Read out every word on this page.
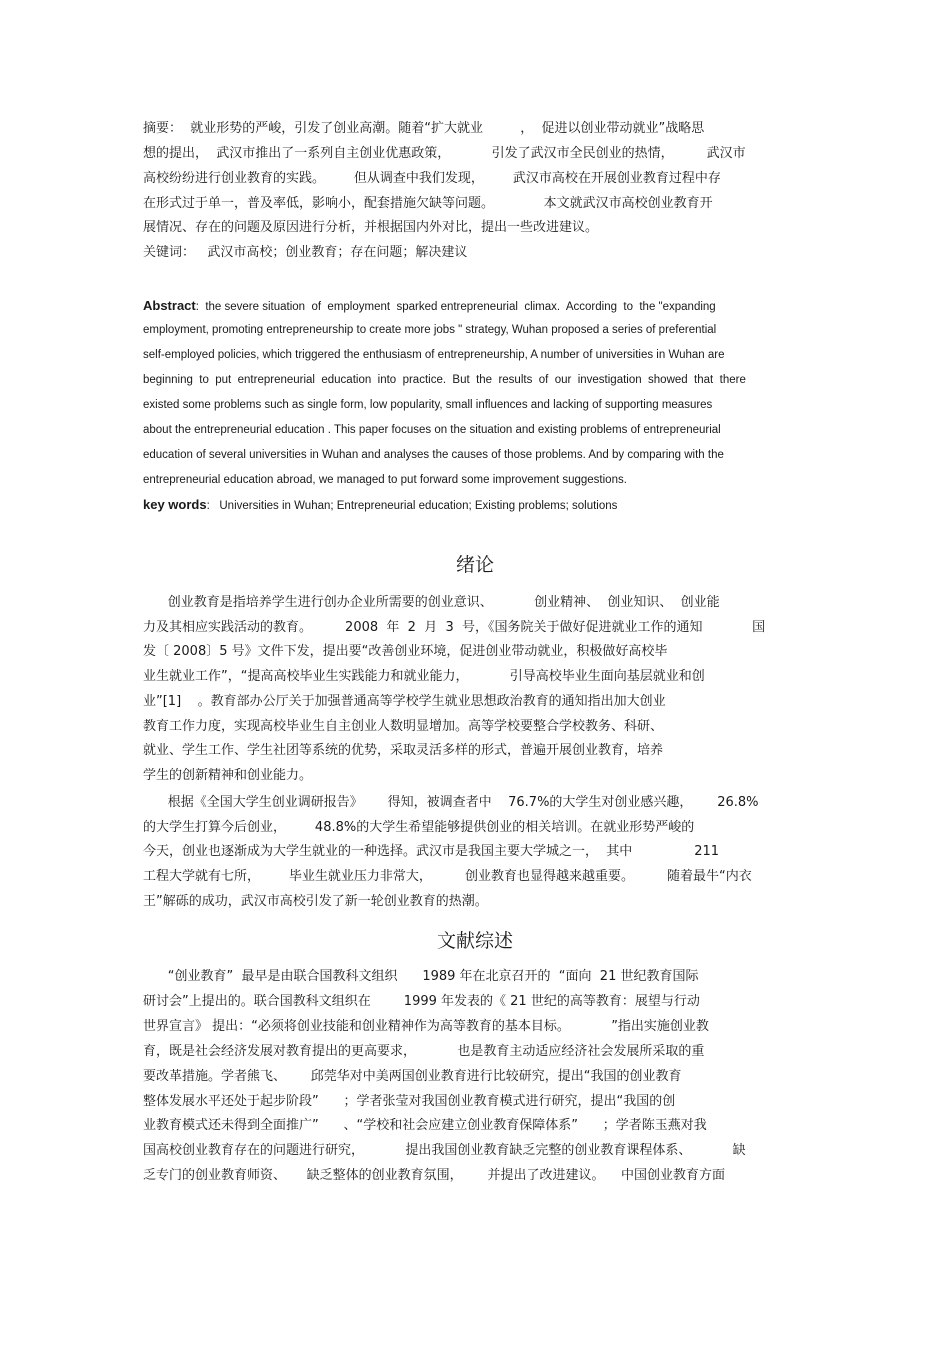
摘要：  就业形势的严峻，引发了创业高潮。随着“扩大就业         ，  促进以创业带动就业”战略思
想的提出，  武汉市推出了一系列自主创业优惠政策，          引发了武汉市全民创业的热情，        武汉市
高校纷纷进行创业教育的实践。       但从调查中我们发现，       武汉市高校在开展创业教育过程中存
在形式过于单一，普及率低，影响小，配套措施欠缺等问题。            本文就武汉市高校创业教育开
展情况、存在的问题及原因进行分析，并根据国内外对比，提出一些改进建议。
关键词：   武汉市高校；创业教育；存在问题；解决建议
Abstract:  the severe situation  of  employment  sparked entrepreneurial  climax.  According  to  the "expanding
employment, promoting entrepreneurship to create more jobs " strategy, Wuhan proposed a series of preferential
self-employed policies, which triggered the enthusiasm of entrepreneurship, A number of universities in Wuhan are
beginning  to  put  entrepreneurial  education  into  practice.  But  the  results  of  our  investigation  showed  that  there
existed some problems such as single form, low popularity, small influences and lacking of supporting measures
about the entrepreneurial education . This paper focuses on the situation and existing problems of entrepreneurial
education of several universities in Wuhan and analyses the causes of those problems. And by comparing with the
entrepreneurial education abroad, we managed to put forward some improvement suggestions.
key words:   Universities in Wuhan; Entrepreneurial education; Existing problems; solutions
绪论
创业教育是指培养学生进行创办企业所需要的创业意识、          创业精神、  创业知识、  创业能
力及其相应实践活动的教育。        2008  年  2  月  3  号，《国务院关于做好促进就业工作的通知            国
发〔 2008〕5 号》文件下发，提出要“改善创业环境，促进创业带动就业，积极做好高校毕
业生就业工作”，“提高高校毕业生实践能力和就业能力，          引导高校毕业生面向基层就业和创
业”[1]    。教育部办公厅关于加强普通高等学校学生就业思想政治教育的通知指出加大创业
教育工作力度，实现高校毕业生自主创业人数明显增加。高等学校要整合学校教务、科研、
就业、学生工作、学生社团等系统的优势，采取灵活多样的形式，普遍开展创业教育，培养
学生的创新精神和创业能力。
根据《全国大学生创业调研报告》      得知，被调查者中    76.7%的大学生对创业感兴趣，      26.8%
的大学生打算今后创业，       48.8%的大学生希望能够提供创业的相关培训。在就业形势严峻的
今天，创业也逐渐成为大学生就业的一种选择。武汉市是我国主要大学城之一，  其中               211
工程大学就有七所，       毕业生就业压力非常大，        创业教育也显得越来越重要。        随着最牛“内衣
王”解砾的成功，武汉市高校引发了新一轮创业教育的热潮。
文献综述
“创业教育”  最早是由联合国教科文组织      1989 年在北京召开的  “面向  21 世纪教育国际
研讨会”上提出的。联合国教科文组织在        1999 年发表的《 21 世纪的高等教育：展望与行动
世界宣言》 提出：“必须将创业技能和创业精神作为高等教育的基本目标。          ”指出实施创业教
育，既是社会经济发展对教育提出的更高要求，          也是教育主动适应经济社会发展所采取的重
要改革措施。学者熊飞、      邱莞华对中美两国创业教育进行比较研究，提出“我国的创业教育
整体发展水平还处于起步阶段”      ；学者张莹对我国创业教育模式进行研究，提出“我国的创
业教育模式还未得到全面推广”      、“学校和社会应建立创业教育保障体系”      ；学者陈玉燕对我
国高校创业教育存在的问题进行研究，          提出我国创业教育缺乏完整的创业教育课程体系、          缺
乏专门的创业教育师资、     缺乏整体的创业教育氛围，      并提出了改进建议。    中国创业教育方面
